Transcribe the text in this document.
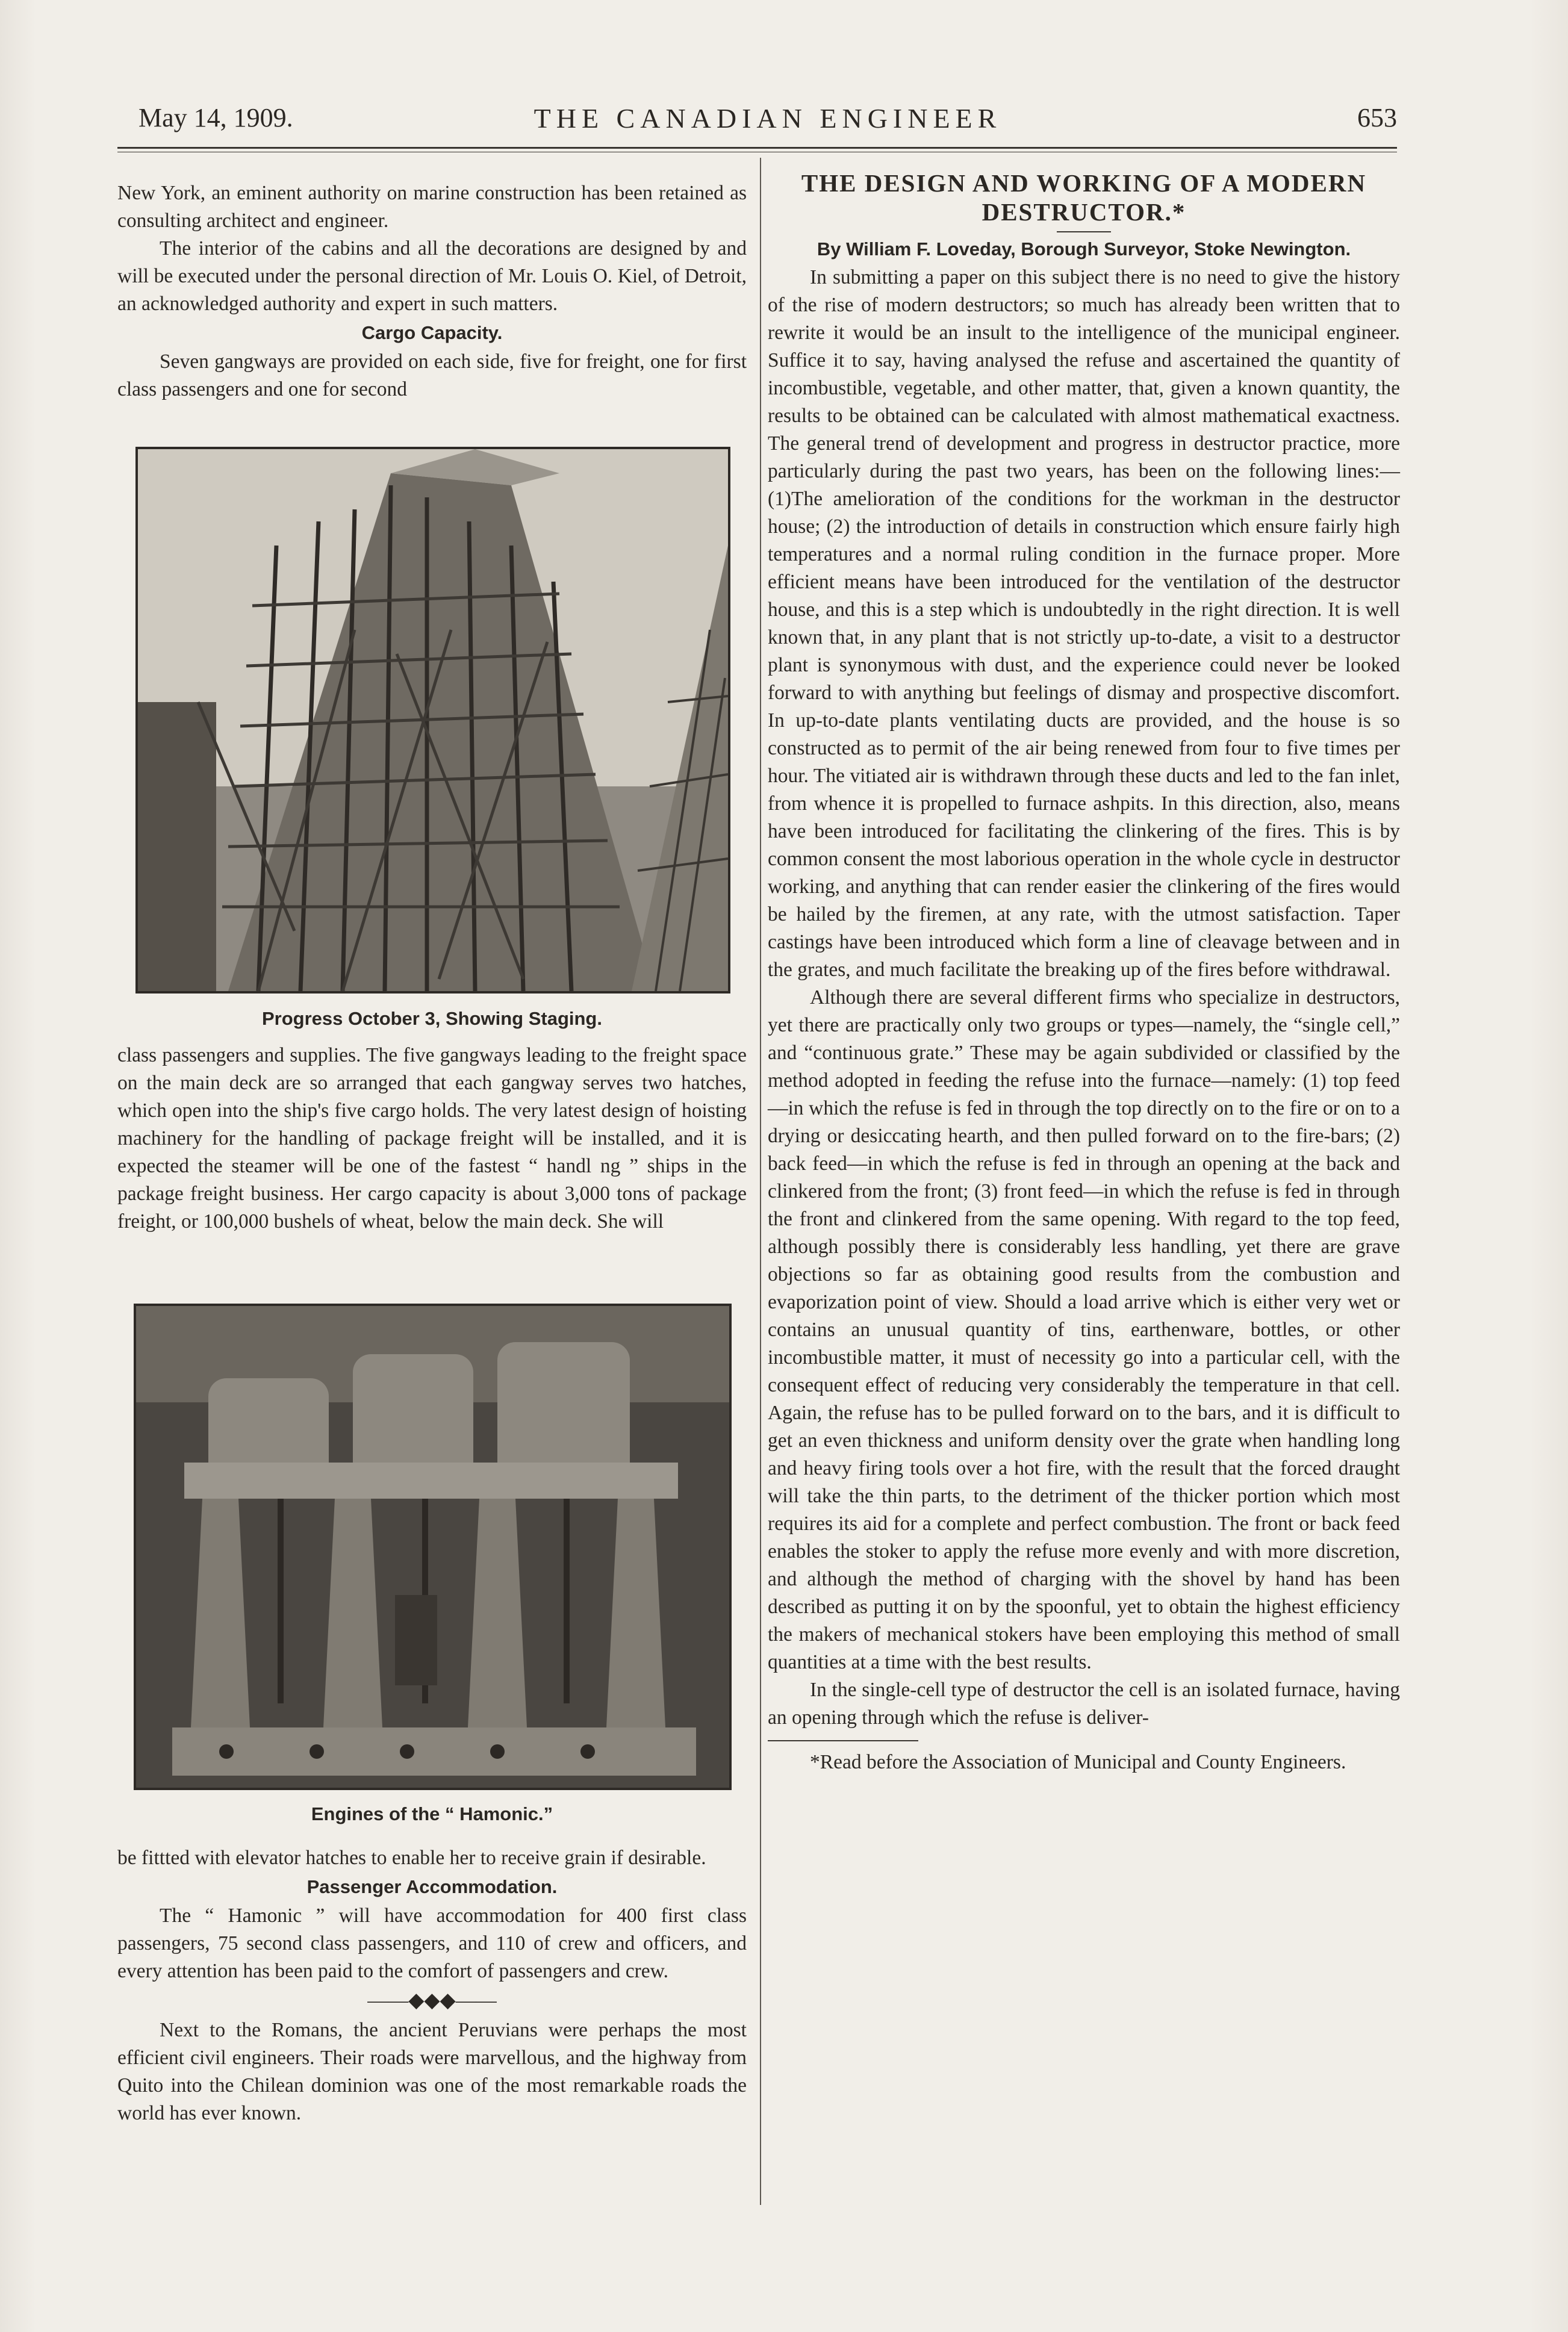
May 14, 1909.	THE CANADIAN ENGINEER	653

New York, an eminent authority on marine construction has been retained as consulting architect and engineer.

The interior of the cabins and all the decorations are designed by and will be executed under the personal direction of Mr. Louis O. Kiel, of Detroit, an acknowledged authority and expert in such matters.

Cargo Capacity.

Seven gangways are provided on each side, five for freight, one for first class passengers and one for second

Progress October 3, Showing Staging.

class passengers and supplies. The five gangways leading to the freight space on the main deck are so arranged that each gangway serves two hatches, which open into the ship's five cargo holds. The very latest design of hoisting machinery for the handling of package freight will be installed, and it is expected the steamer will be one of the fastest “ handl ng ” ships in the package freight business. Her cargo capacity is about 3,000 tons of package freight, or 100,000 bushels of wheat, below the main deck. She will

Engines of the “ Hamonic.”

be fittted with elevator hatches to enable her to receive grain if desirable.

Passenger Accommodation.

The “ Hamonic ” will have accommodation for 400 first class passengers, 75 second class passengers, and 110 of crew and officers, and every attention has been paid to the comfort of passengers and crew.

——◆◆◆——

Next to the Romans, the ancient Peruvians were perhaps the most efficient civil engineers. Their roads were marvellous, and the highway from Quito into the Chilean dominion was one of the most remarkable roads the world has ever known.

THE DESIGN AND WORKING OF A MODERN DESTRUCTOR.*
By William F. Loveday, Borough Surveyor, Stoke Newington.

In submitting a paper on this subject there is no need to give the history of the rise of modern destructors; so much has already been written that to rewrite it would be an insult to the intelligence of the municipal engineer. Suffice it to say, having analysed the refuse and ascertained the quantity of incombustible, vegetable, and other matter, that, given a known quantity, the results to be obtained can be calculated with almost mathematical exactness. The general trend of development and progress in destructor practice, more particularly during the past two years, has been on the following lines:—(1)The amelioration of the conditions for the workman in the destructor house; (2) the introduction of details in construction which ensure fairly high temperatures and a normal ruling condition in the furnace proper. More efficient means have been introduced for the ventilation of the destructor house, and this is a step which is undoubtedly in the right direction. It is well known that, in any plant that is not strictly up-to-date, a visit to a destructor plant is synonymous with dust, and the experience could never be looked forward to with anything but feelings of dismay and prospective discomfort. In up-to-date plants ventilating ducts are provided, and the house is so constructed as to permit of the air being renewed from four to five times per hour. The vitiated air is withdrawn through these ducts and led to the fan inlet, from whence it is propelled to furnace ashpits. In this direction, also, means have been introduced for facilitating the clinkering of the fires. This is by common consent the most laborious operation in the whole cycle in destructor working, and anything that can render easier the clinkering of the fires would be hailed by the firemen, at any rate, with the utmost satisfaction. Taper castings have been introduced which form a line of cleavage between and in the grates, and much facilitate the breaking up of the fires before withdrawal.

Although there are several different firms who specialize in destructors, yet there are practically only two groups or types—namely, the “single cell,” and “continuous grate.” These may be again subdivided or classified by the method adopted in feeding the refuse into the furnace—namely: (1) top feed—in which the refuse is fed in through the top directly on to the fire or on to a drying or desiccating hearth, and then pulled forward on to the fire-bars; (2) back feed—in which the refuse is fed in through an opening at the back and clinkered from the front; (3) front feed—in which the refuse is fed in through the front and clinkered from the same opening. With regard to the top feed, although possibly there is considerably less handling, yet there are grave objections so far as obtaining good results from the combustion and evaporization point of view. Should a load arrive which is either very wet or contains an unusual quantity of tins, earthenware, bottles, or other incombustible matter, it must of necessity go into a particular cell, with the consequent effect of reducing very considerably the temperature in that cell. Again, the refuse has to be pulled forward on to the bars, and it is difficult to get an even thickness and uniform density over the grate when handling long and heavy firing tools over a hot fire, with the result that the forced draught will take the thin parts, to the detriment of the thicker portion which most requires its aid for a complete and perfect combustion. The front or back feed enables the stoker to apply the refuse more evenly and with more discretion, and although the method of charging with the shovel by hand has been described as putting it on by the spoonful, yet to obtain the highest efficiency the makers of mechanical stokers have been employing this method of small quantities at a time with the best results.

In the single-cell type of destructor the cell is an isolated furnace, having an opening through which the refuse is deliver-

*Read before the Association of Municipal and County Engineers.
